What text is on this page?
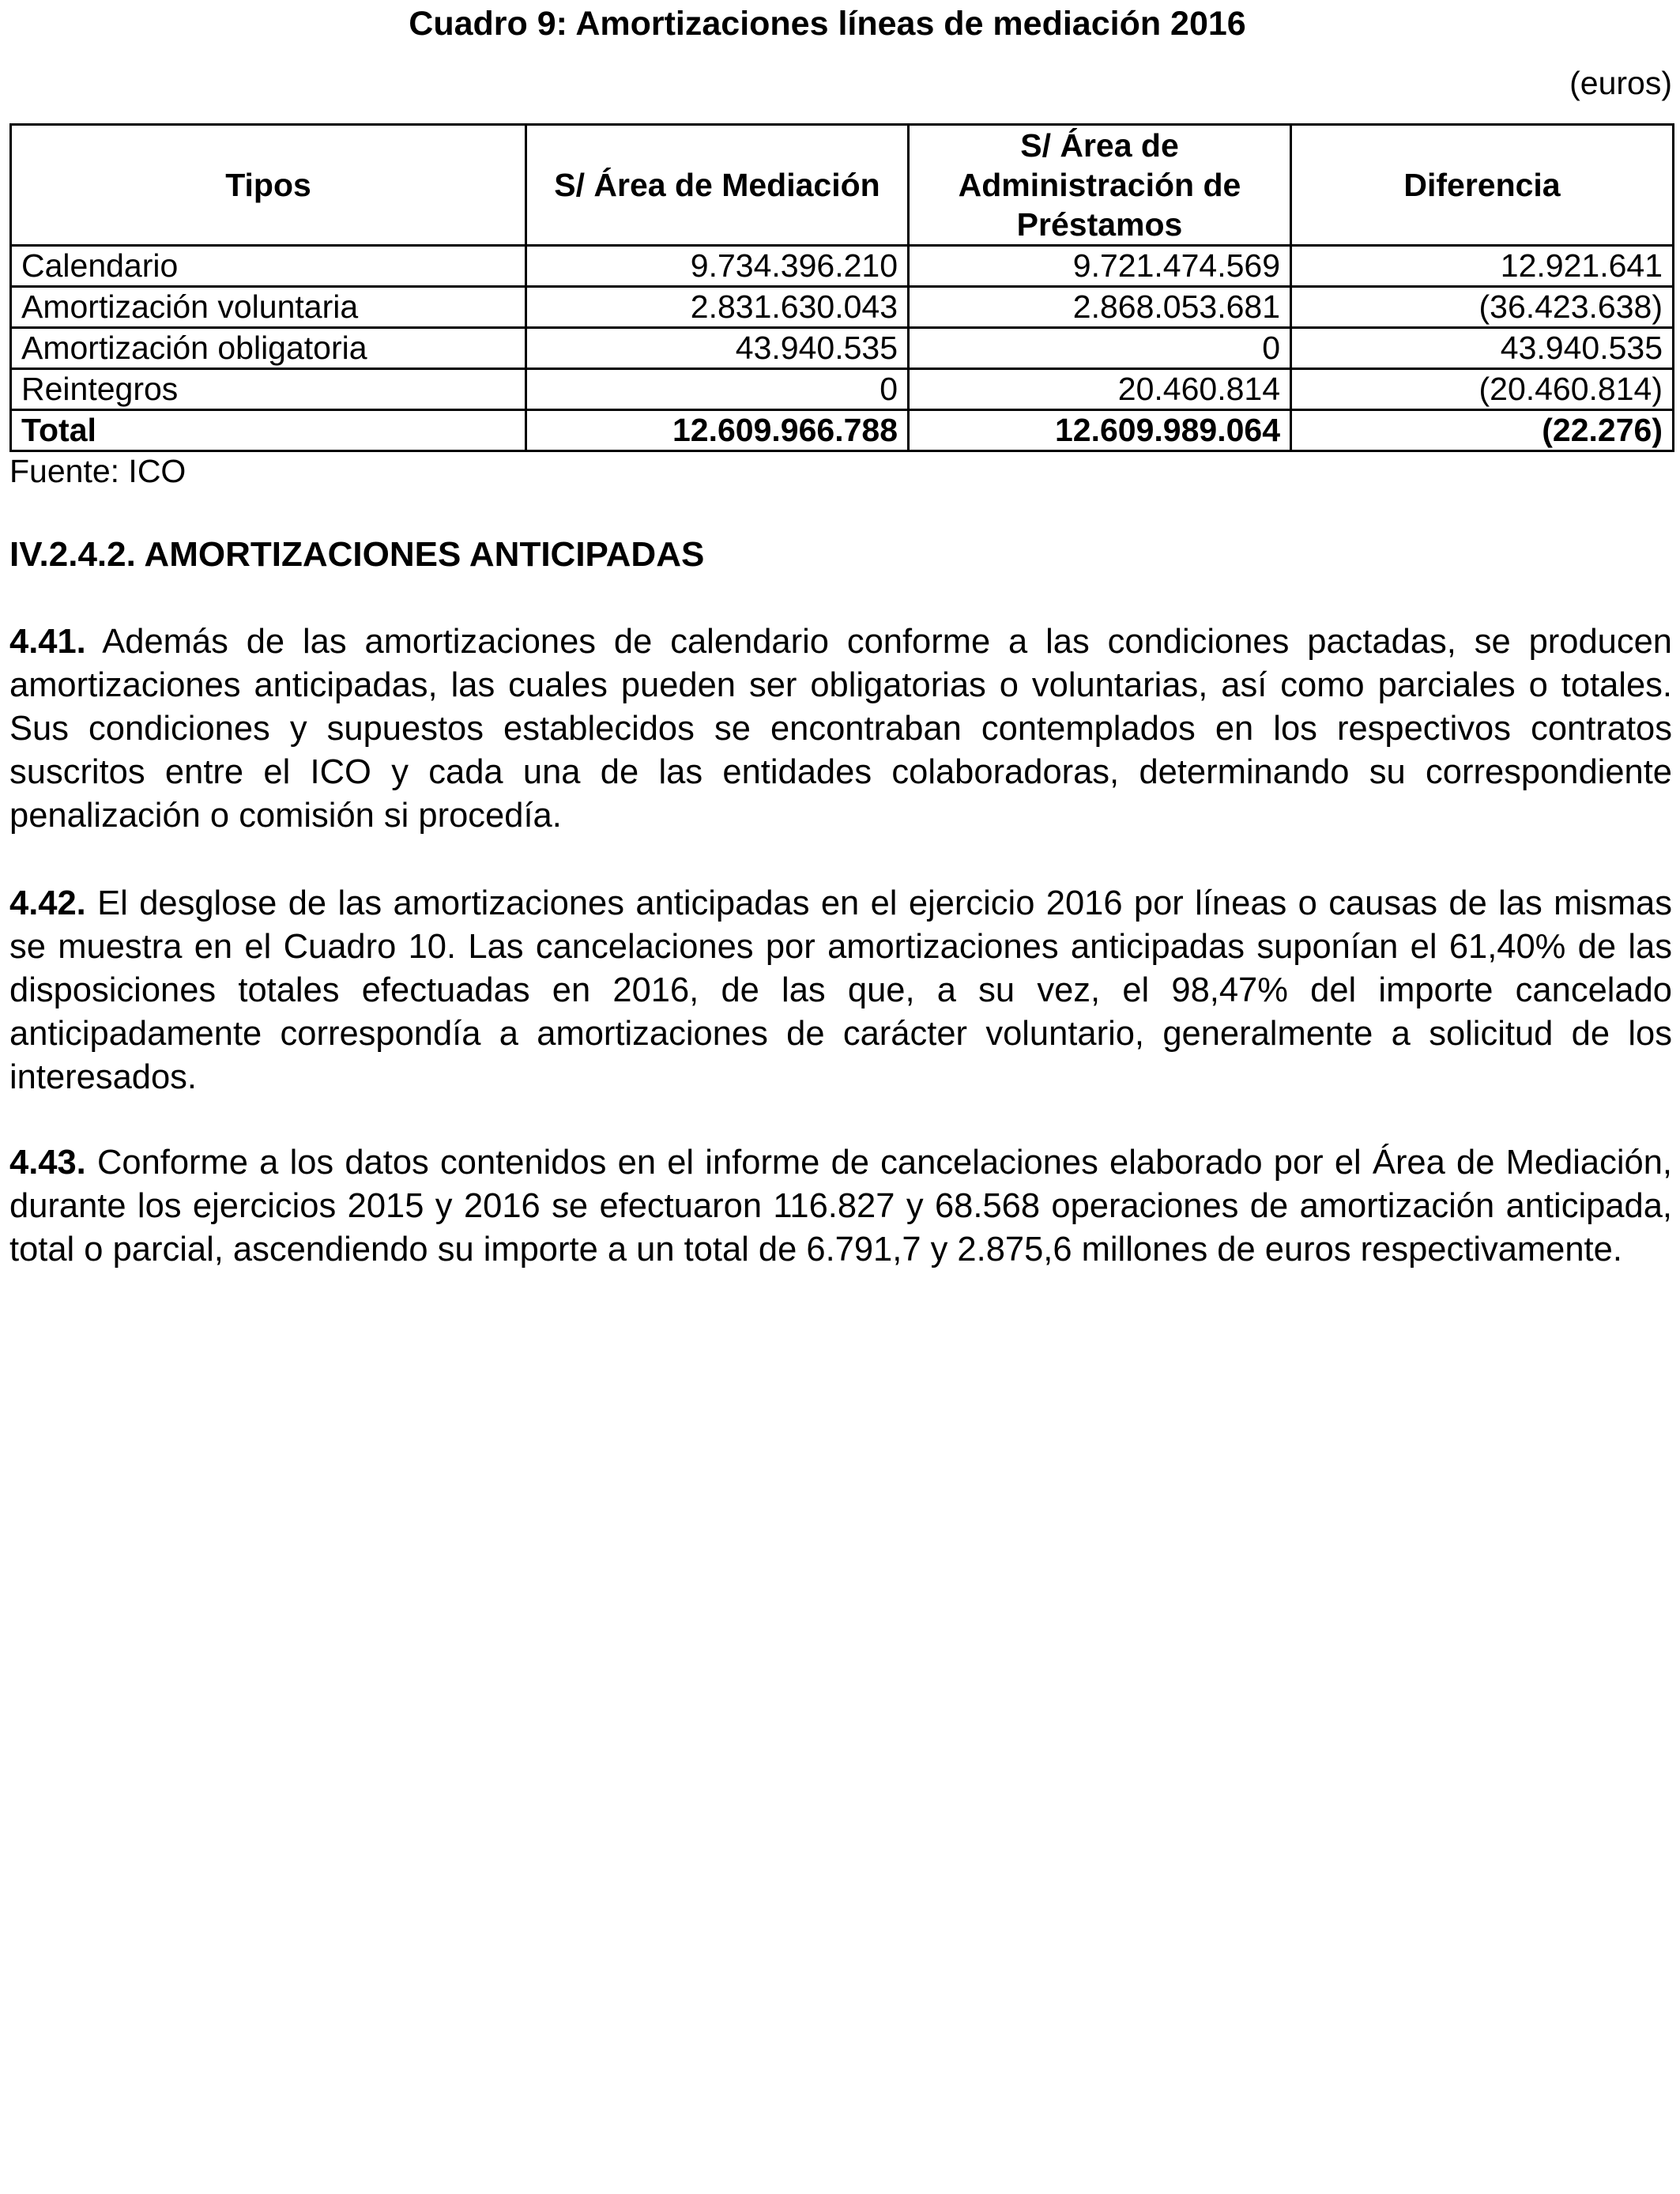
Cuadro 9: Amortizaciones líneas de mediación 2016

(euros)

Tipos	S/ Área de Mediación	S/ Área de Administración de Préstamos	Diferencia
Calendario	9.734.396.210	9.721.474.569	12.921.641
Amortización voluntaria	2.831.630.043	2.868.053.681	(36.423.638)
Amortización obligatoria	43.940.535	0	43.940.535
Reintegros	0	20.460.814	(20.460.814)
Total	12.609.966.788	12.609.989.064	(22.276)

Fuente: ICO

IV.2.4.2. AMORTIZACIONES ANTICIPADAS

4.41. Además de las amortizaciones de calendario conforme a las condiciones pactadas, se producen amortizaciones anticipadas, las cuales pueden ser obligatorias o voluntarias, así como parciales o totales. Sus condiciones y supuestos establecidos se encontraban contemplados en los respectivos contratos suscritos entre el ICO y cada una de las entidades colaboradoras, determinando su correspondiente penalización o comisión si procedía.

4.42. El desglose de las amortizaciones anticipadas en el ejercicio 2016 por líneas o causas de las mismas se muestra en el Cuadro 10. Las cancelaciones por amortizaciones anticipadas suponían el 61,40% de las disposiciones totales efectuadas en 2016, de las que, a su vez, el 98,47% del importe cancelado anticipadamente correspondía a amortizaciones de carácter voluntario, generalmente a solicitud de los interesados.

4.43. Conforme a los datos contenidos en el informe de cancelaciones elaborado por el Área de Mediación, durante los ejercicios 2015 y 2016 se efectuaron 116.827 y 68.568 operaciones de amortización anticipada, total o parcial, ascendiendo su importe a un total de 6.791,7 y 2.875,6 millones de euros respectivamente.
